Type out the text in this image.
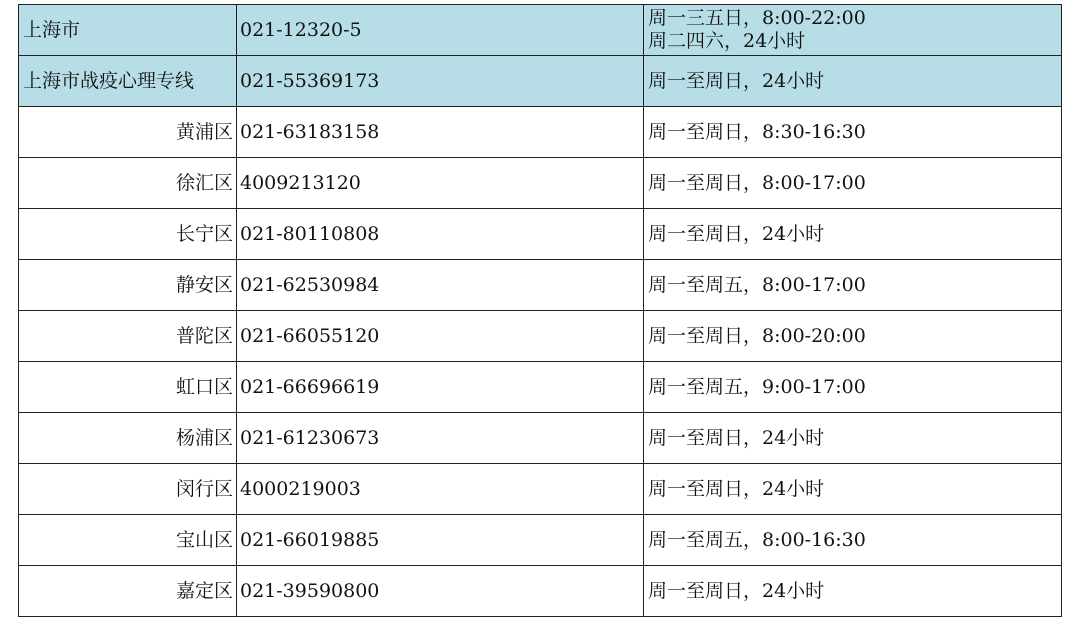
上海市	021-12320-5	周一三五日，8:00-22:00
周二四六，24小时

上海市战疫心理专线	021-55369173	周一至周日，24小时

黄浦区	021-63183158	周一至周日，8:30-16:30

徐汇区	4009213120	周一至周日，8:00-17:00

长宁区	021-80110808	周一至周日，24小时

静安区	021-62530984	周一至周五，8:00-17:00

普陀区	021-66055120	周一至周日，8:00-20:00

虹口区	021-66696619	周一至周五，9:00-17:00

杨浦区	021-61230673	周一至周日，24小时

闵行区	4000219003	周一至周日，24小时

宝山区	021-66019885	周一至周五，8:00-16:30

嘉定区	021-39590800	周一至周日，24小时
